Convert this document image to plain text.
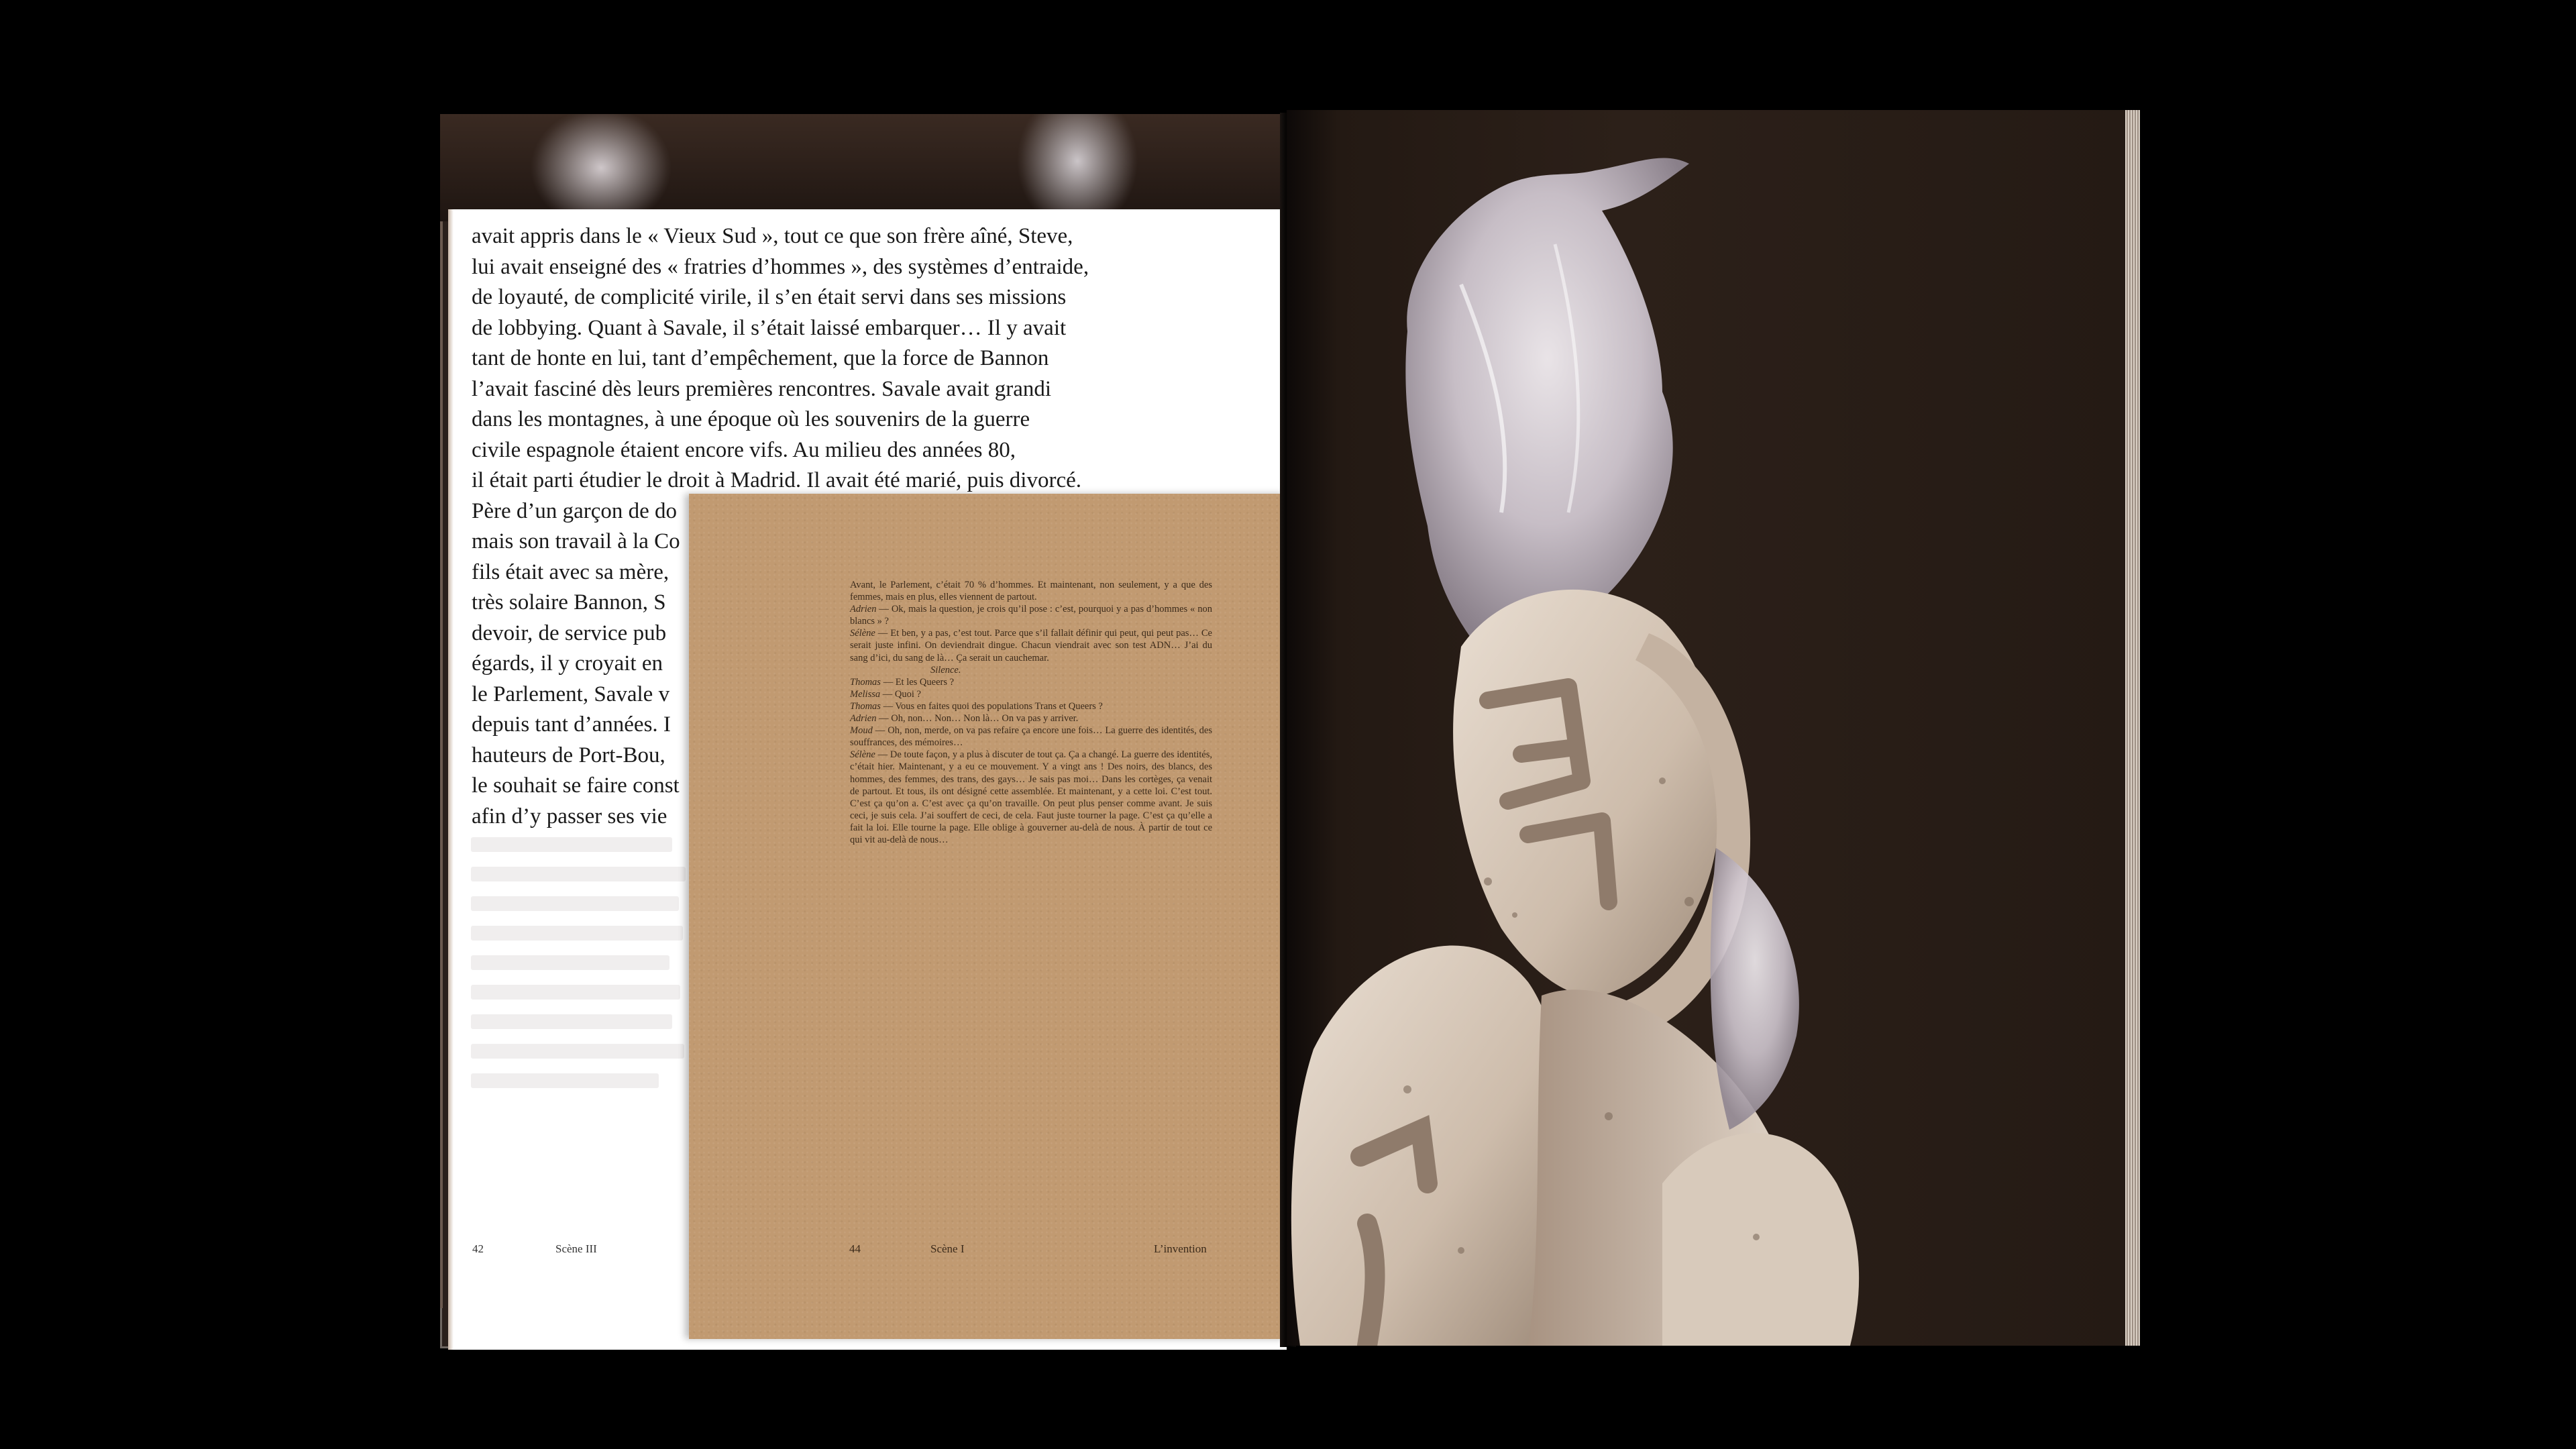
avait appris dans le « Vieux Sud », tout ce que son frère aîné, Steve,

lui avait enseigné des « fratries d’hommes », des systèmes d’entraide,

de loyauté, de complicité virile, il s’en était servi dans ses missions

de lobbying. Quant à Savale, il s’était laissé embarquer… Il y avait

tant de honte en lui, tant d’empêchement, que la force de Bannon

l’avait fasciné dès leurs premières rencontres. Savale avait grandi

dans les montagnes, à une époque où les souvenirs de la guerre

civile espagnole étaient encore vifs. Au milieu des années 80,

il était parti étudier le droit à Madrid. Il avait été marié, puis divorcé.

Père d’un garçon de do

mais son travail à la Co

fils était avec sa mère,

très solaire Bannon, S

devoir, de service pub

égards, il y croyait en

le Parlement, Savale v

depuis tant d’années. I

hauteurs de Port-Bou,

le souhait se faire const

afin d’y passer ses vie

42	Scène III

Avant, le Parlement, c’était 70 % d’hommes. Et maintenant, non seulement, y a que des femmes, mais en plus, elles viennent de partout.

Adrien — Ok, mais la question, je crois qu’il pose : c’est, pourquoi y a pas d’hommes « non blancs » ?

Sélène — Et ben, y a pas, c’est tout. Parce que s’il fallait définir qui peut, qui peut pas… Ce serait juste infini. On deviendrait dingue. Chacun viendrait avec son test ADN… J’ai du sang d’ici, du sang de là… Ça serait un cauchemar.

Silence.

Thomas — Et les Queers ?

Melissa — Quoi ?

Thomas — Vous en faites quoi des populations Trans et Queers ?

Adrien — Oh, non… Non… Non là… On va pas y arriver.

Moud — Oh, non, merde, on va pas refaire ça encore une fois… La guerre des identités, des souffrances, des mémoires…

Sélène — De toute façon, y a plus à discuter de tout ça. Ça a changé. La guerre des identités, c’était hier. Maintenant, y a eu ce mouvement. Y a vingt ans ! Des noirs, des blancs, des hommes, des femmes, des trans, des gays… Je sais pas moi… Dans les cortèges, ça venait de partout. Et tous, ils ont désigné cette assemblée. Et maintenant, y a cette loi. C’est tout. C’est ça qu’on a. C’est avec ça qu’on travaille. On peut plus penser comme avant. Je suis ceci, je suis cela. J’ai souffert de ceci, de cela. Faut juste tourner la page. C’est ça qu’elle a fait la loi. Elle tourne la page. Elle oblige à gouverner au-delà de nous. À partir de tout ce qui vit au-delà de nous…

44	Scène I	L’invention
